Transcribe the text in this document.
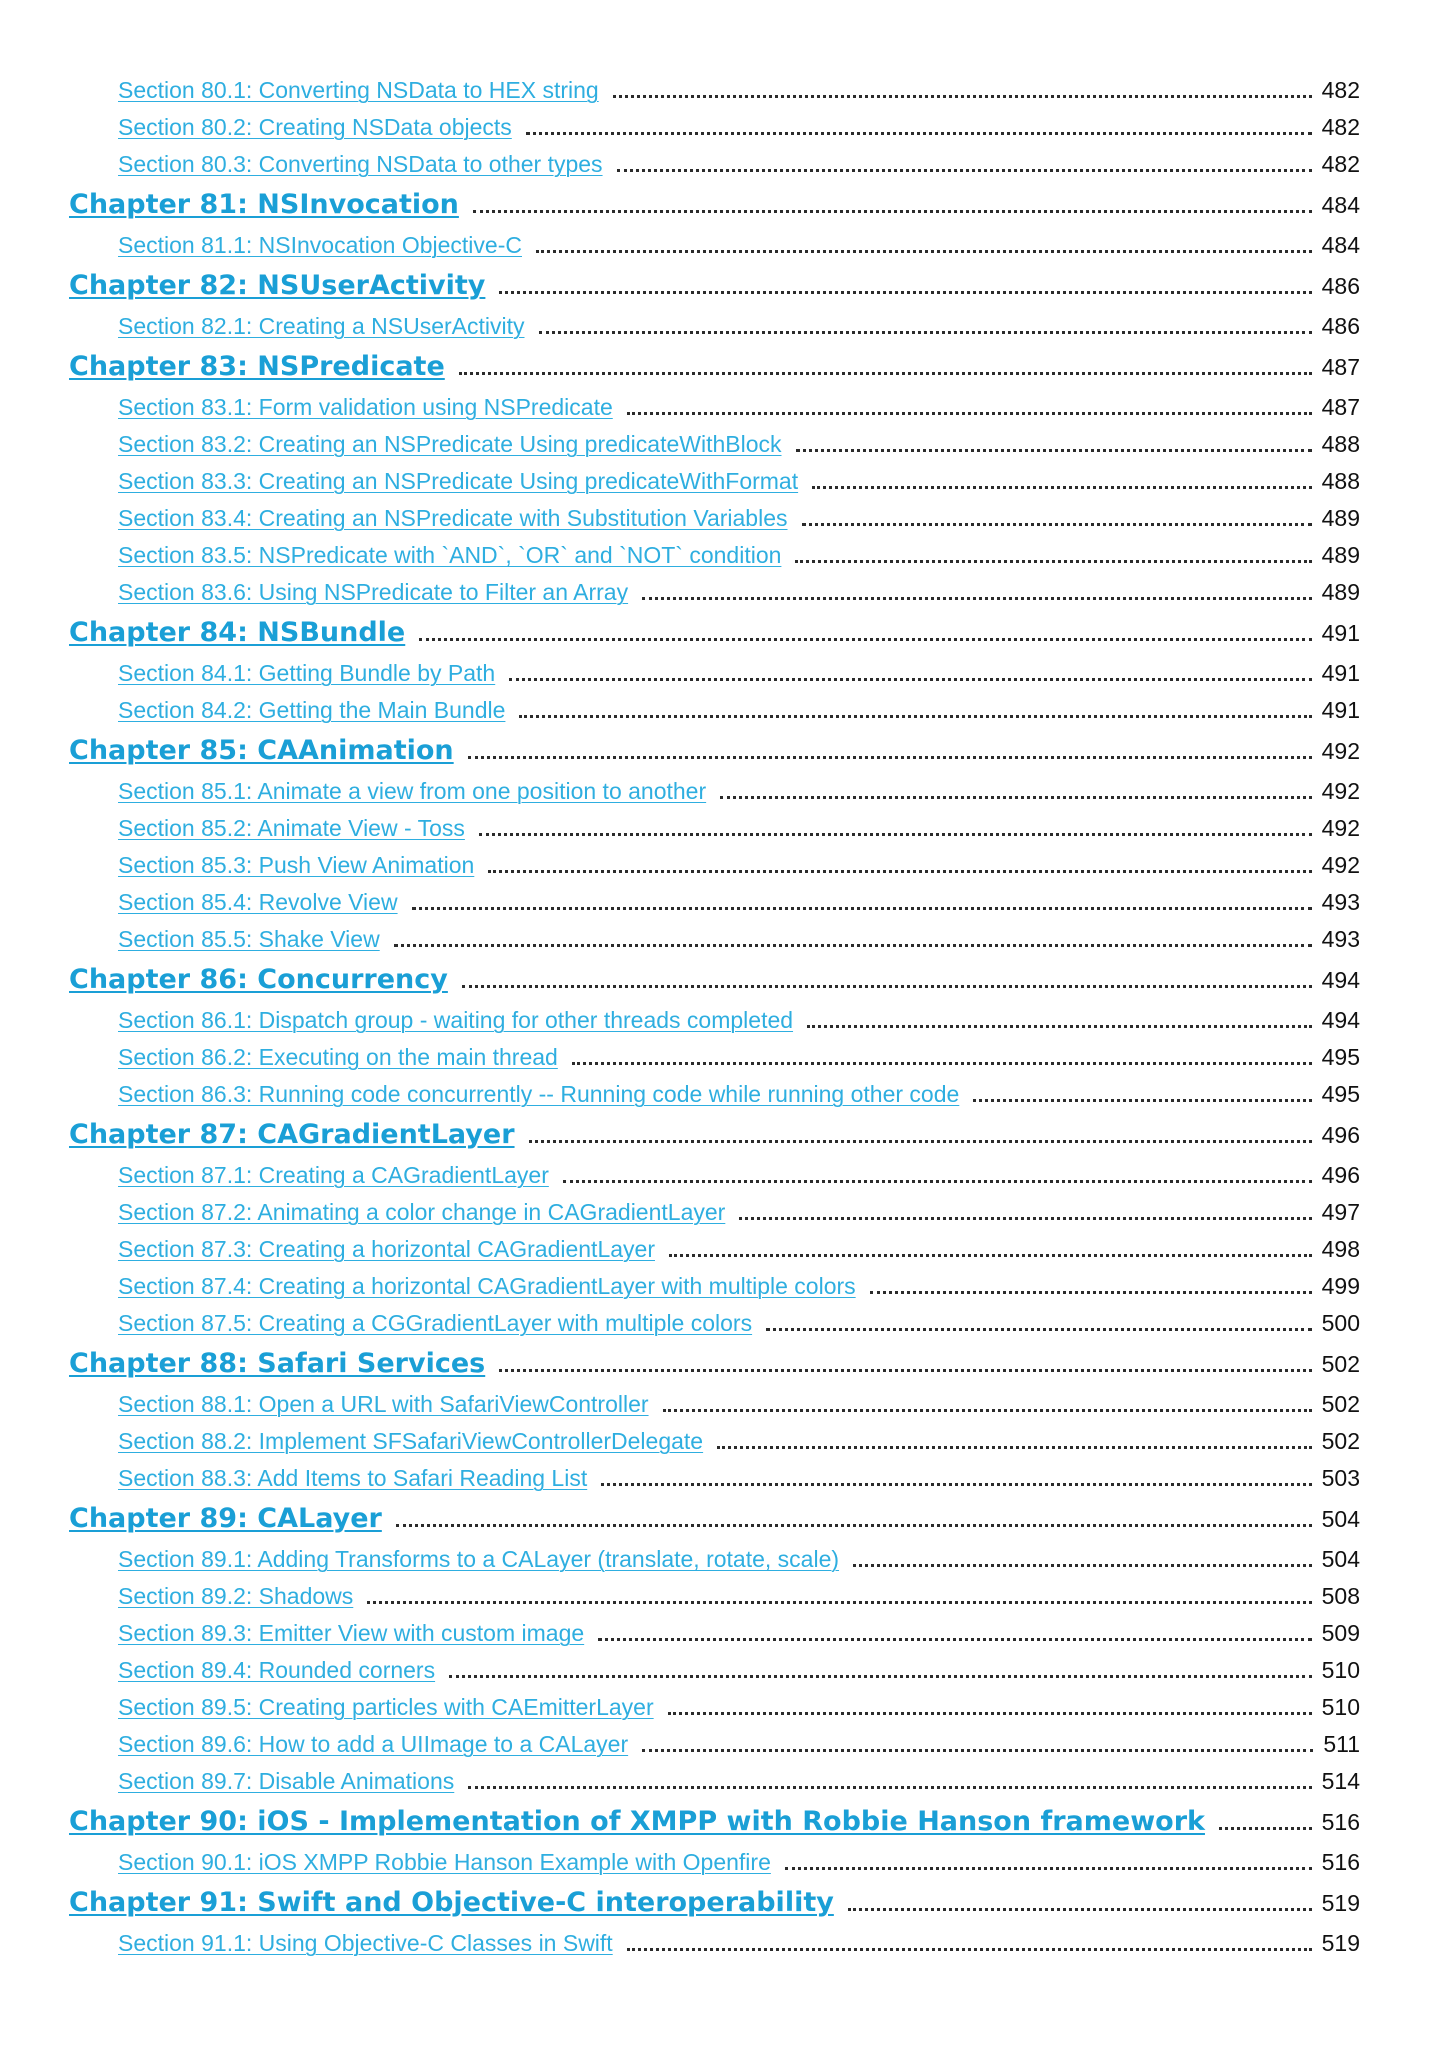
Section 80.1: Converting NSData to HEX string	482
Section 80.2: Creating NSData objects	482
Section 80.3: Converting NSData to other types	482
Chapter 81: NSInvocation	484
Section 81.1: NSInvocation Objective-C	484
Chapter 82: NSUserActivity	486
Section 82.1: Creating a NSUserActivity	486
Chapter 83: NSPredicate	487
Section 83.1: Form validation using NSPredicate	487
Section 83.2: Creating an NSPredicate Using predicateWithBlock	488
Section 83.3: Creating an NSPredicate Using predicateWithFormat	488
Section 83.4: Creating an NSPredicate with Substitution Variables	489
Section 83.5: NSPredicate with `AND`, `OR` and `NOT` condition	489
Section 83.6: Using NSPredicate to Filter an Array	489
Chapter 84: NSBundle	491
Section 84.1: Getting Bundle by Path	491
Section 84.2: Getting the Main Bundle	491
Chapter 85: CAAnimation	492
Section 85.1: Animate a view from one position to another	492
Section 85.2: Animate View - Toss	492
Section 85.3: Push View Animation	492
Section 85.4: Revolve View	493
Section 85.5: Shake View	493
Chapter 86: Concurrency	494
Section 86.1: Dispatch group - waiting for other threads completed	494
Section 86.2: Executing on the main thread	495
Section 86.3: Running code concurrently -- Running code while running other code	495
Chapter 87: CAGradientLayer	496
Section 87.1: Creating a CAGradientLayer	496
Section 87.2: Animating a color change in CAGradientLayer	497
Section 87.3: Creating a horizontal CAGradientLayer	498
Section 87.4: Creating a horizontal CAGradientLayer with multiple colors	499
Section 87.5: Creating a CGGradientLayer with multiple colors	500
Chapter 88: Safari Services	502
Section 88.1: Open a URL with SafariViewController	502
Section 88.2: Implement SFSafariViewControllerDelegate	502
Section 88.3: Add Items to Safari Reading List	503
Chapter 89: CALayer	504
Section 89.1: Adding Transforms to a CALayer (translate, rotate, scale)	504
Section 89.2: Shadows	508
Section 89.3: Emitter View with custom image	509
Section 89.4: Rounded corners	510
Section 89.5: Creating particles with CAEmitterLayer	510
Section 89.6: How to add a UIImage to a CALayer	511
Section 89.7: Disable Animations	514
Chapter 90: iOS - Implementation of XMPP with Robbie Hanson framework	516
Section 90.1: iOS XMPP Robbie Hanson Example with Openfire	516
Chapter 91: Swift and Objective-C interoperability	519
Section 91.1: Using Objective-C Classes in Swift	519
